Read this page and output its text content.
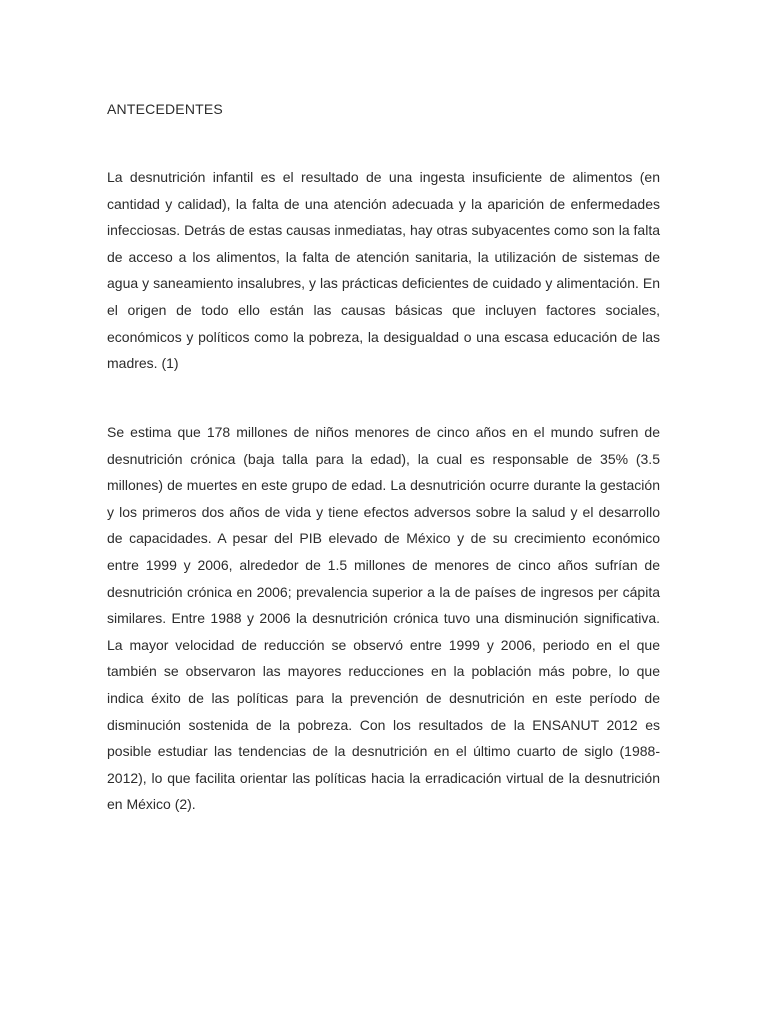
ANTECEDENTES

La desnutrición infantil es el resultado de una ingesta insuficiente de alimentos (en cantidad y calidad), la falta de una atención adecuada y la aparición de enfermedades infecciosas. Detrás de estas causas inmediatas, hay otras subyacentes como son la falta de acceso a los alimentos, la falta de atención sanitaria, la utilización de sistemas de agua y saneamiento insalubres, y las prácticas deficientes de cuidado y alimentación. En el origen de todo ello están las causas básicas que incluyen factores sociales, económicos y políticos como la pobreza, la desigualdad o una escasa educación de las madres. (1)

Se estima que 178 millones de niños menores de cinco años en el mundo sufren de desnutrición crónica (baja talla para la edad), la cual es responsable de 35% (3.5 millones) de muertes en este grupo de edad. La desnutrición ocurre durante la gestación y los primeros dos años de vida y tiene efectos adversos sobre la salud y el desarrollo de capacidades. A pesar del PIB elevado de México y de su crecimiento económico entre 1999 y 2006, alrededor de 1.5 millones de menores de cinco años sufrían de desnutrición crónica en 2006; prevalencia superior a la de países de ingresos per cápita similares. Entre 1988 y 2006 la desnutrición crónica tuvo una disminución significativa. La mayor velocidad de reducción se observó entre 1999 y 2006, periodo en el que también se observaron las mayores reducciones en la población más pobre, lo que indica éxito de las políticas para la prevención de desnutrición en este período de disminución sostenida de la pobreza. Con los resultados de la ENSANUT 2012 es posible estudiar las tendencias de la desnutrición en el último cuarto de siglo (1988-2012), lo que facilita orientar las políticas hacia la erradicación virtual de la desnutrición en México (2).
